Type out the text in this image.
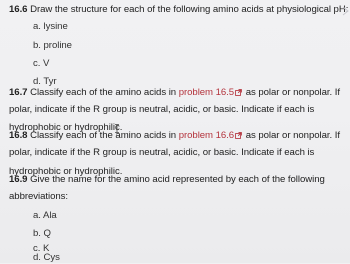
16.6 Draw the structure for each of the following amino acids at physiological pH:
a. lysine
b. proline
c. V
d. Tyr
16.7 Classify each of the amino acids in problem 16.5 as polar or nonpolar. If
polar, indicate if the R group is neutral, acidic, or basic. Indicate if each is
hydrophobic or hydrophilic.
16.8 Classify each of the amino acids in problem 16.6 as polar or nonpolar. If
polar, indicate if the R group is neutral, acidic, or basic. Indicate if each is
hydrophobic or hydrophilic.
16.9 Give the name for the amino acid represented by each of the following
abbreviations:
a. Ala
b. Q
c. K
d. Cys
